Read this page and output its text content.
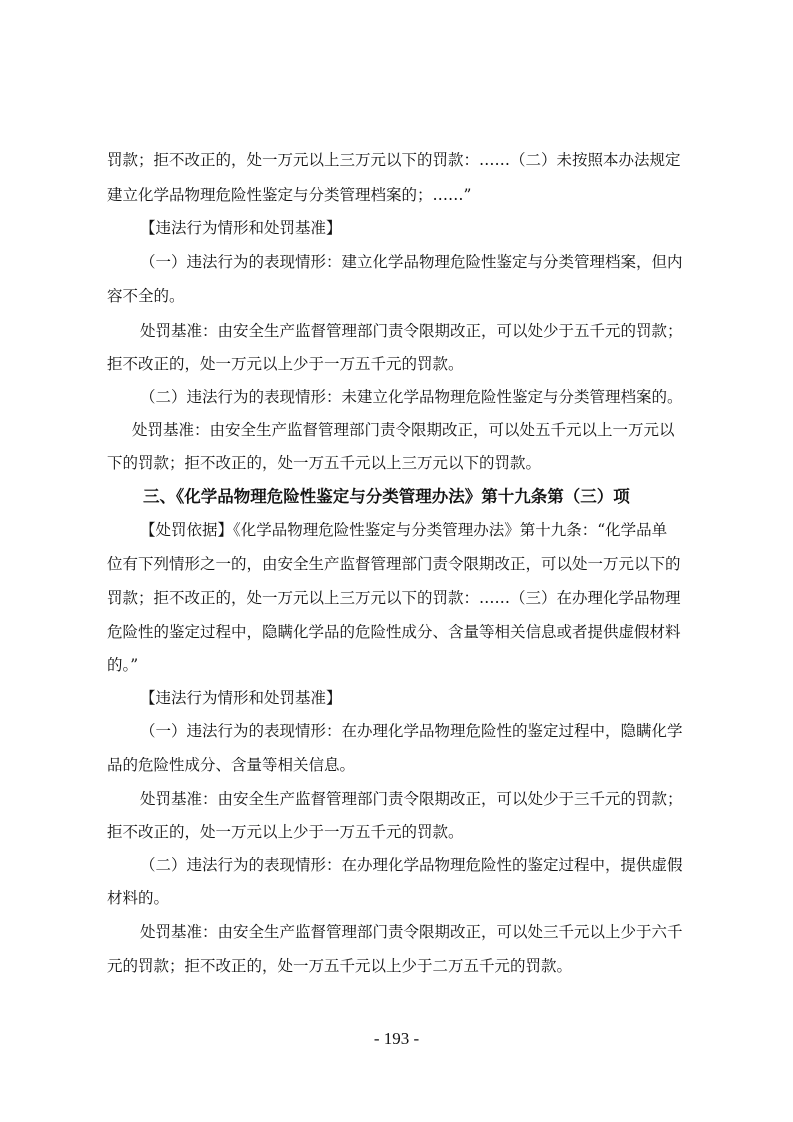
罚款；拒不改正的，处一万元以上三万元以下的罚款：……（二）未按照本办法规定
建立化学品物理危险性鉴定与分类管理档案的；……”
【违法行为情形和处罚基准】
（一）违法行为的表现情形：建立化学品物理危险性鉴定与分类管理档案，但内
容不全的。
处罚基准：由安全生产监督管理部门责令限期改正，可以处少于五千元的罚款；
拒不改正的，处一万元以上少于一万五千元的罚款。
（二）违法行为的表现情形：未建立化学品物理危险性鉴定与分类管理档案的。
处罚基准：由安全生产监督管理部门责令限期改正，可以处五千元以上一万元以
下的罚款；拒不改正的，处一万五千元以上三万元以下的罚款。
三、《化学品物理危险性鉴定与分类管理办法》第十九条第（三）项
【处罚依据】《化学品物理危险性鉴定与分类管理办法》第十九条：“化学品单
位有下列情形之一的，由安全生产监督管理部门责令限期改正，可以处一万元以下的
罚款；拒不改正的，处一万元以上三万元以下的罚款：……（三）在办理化学品物理
危险性的鉴定过程中，隐瞒化学品的危险性成分、含量等相关信息或者提供虚假材料
的。”
【违法行为情形和处罚基准】
（一）违法行为的表现情形：在办理化学品物理危险性的鉴定过程中，隐瞒化学
品的危险性成分、含量等相关信息。
处罚基准：由安全生产监督管理部门责令限期改正，可以处少于三千元的罚款；
拒不改正的，处一万元以上少于一万五千元的罚款。
（二）违法行为的表现情形：在办理化学品物理危险性的鉴定过程中，提供虚假
材料的。
处罚基准：由安全生产监督管理部门责令限期改正，可以处三千元以上少于六千
元的罚款；拒不改正的，处一万五千元以上少于二万五千元的罚款。
- 193 -
